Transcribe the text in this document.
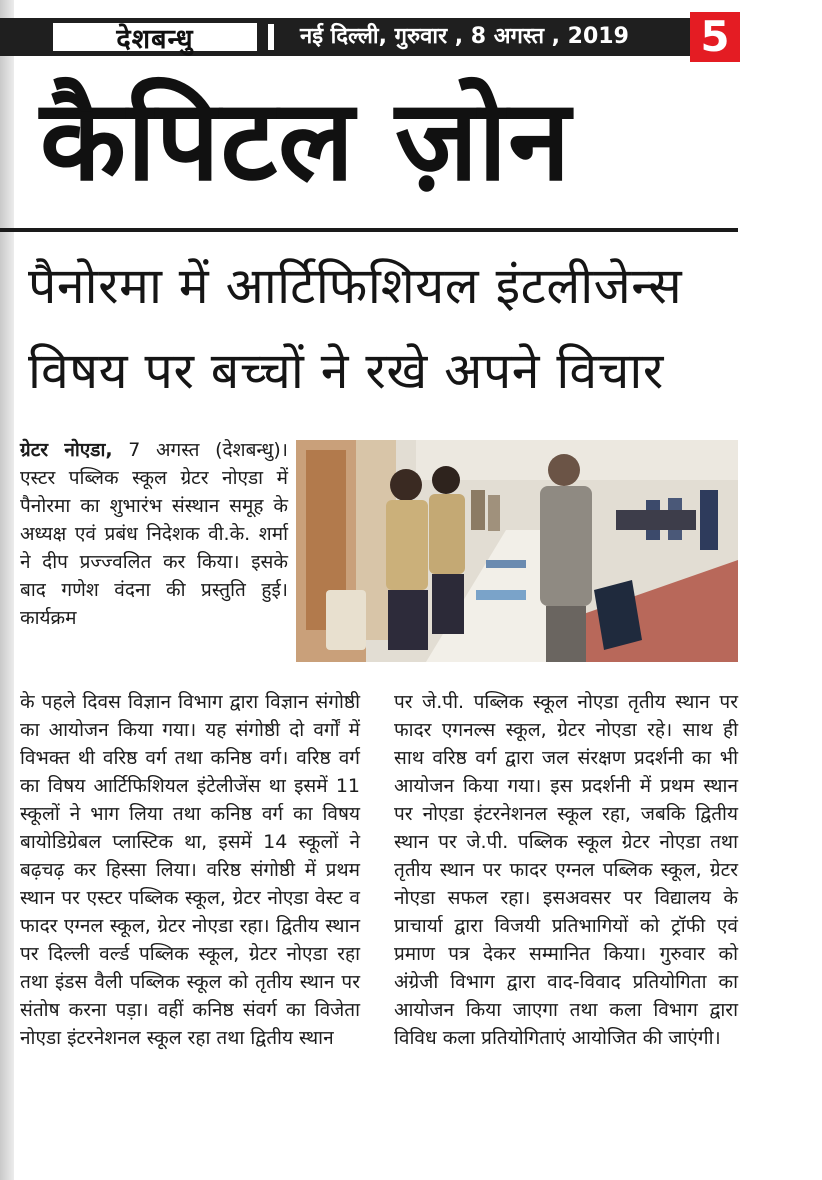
देशबन्धु	नई दिल्ली, गुरुवार , 8 अगस्त , 2019 5
कैपिटल ज़ोन
पैनोरमा में आर्टिफिशियल इंटलीजेन्स
विषय पर बच्चों ने रखे अपने विचार
ग्रेटर नोएडा, 7 अगस्त (देशबन्धु)। एस्टर पब्लिक स्कूल ग्रेटर नोएडा में पैनोरमा का शुभारंभ संस्थान समूह के अध्यक्ष एवं प्रबंध निदेशक वी.के. शर्मा ने दीप प्रज्ज्वलित कर किया। इसके बाद गणेश वंदना की प्रस्तुति हुई। कार्यक्रम
के पहले दिवस विज्ञान विभाग द्वारा विज्ञान संगोष्ठी का आयोजन किया गया। यह संगोष्ठी दो वर्गों में विभक्त थी वरिष्ठ वर्ग तथा कनिष्ठ वर्ग। वरिष्ठ वर्ग का विषय आर्टिफिशियल इंटेलीजेंस था इसमें 11 स्कूलों ने भाग लिया तथा कनिष्ठ वर्ग का विषय बायोडिग्रेबल प्लास्टिक था, इसमें 14 स्कूलों ने बढ़चढ़ कर हिस्सा लिया। वरिष्ठ संगोष्ठी में प्रथम स्थान पर एस्टर पब्लिक स्कूल, ग्रेटर नोएडा वेस्ट व फादर एग्नल स्कूल, ग्रेटर नोएडा रहा। द्वितीय स्थान पर दिल्ली वर्ल्ड पब्लिक स्कूल, ग्रेटर नोएडा रहा तथा इंडस वैली पब्लिक स्कूल को तृतीय स्थान पर संतोष करना पड़ा। वहीं कनिष्ठ संवर्ग का विजेता नोएडा इंटरनेशनल स्कूल रहा तथा द्वितीय स्थान
पर जे.पी. पब्लिक स्कूल नोएडा तृतीय स्थान पर फादर एगनल्स स्कूल, ग्रेटर नोएडा रहे। साथ ही साथ वरिष्ठ वर्ग द्वारा जल संरक्षण प्रदर्शनी का भी आयोजन किया गया। इस प्रदर्शनी में प्रथम स्थान पर नोएडा इंटरनेशनल स्कूल रहा, जबकि द्वितीय स्थान पर जे.पी. पब्लिक स्कूल ग्रेटर नोएडा तथा तृतीय स्थान पर फादर एग्नल पब्लिक स्कूल, ग्रेटर नोएडा सफल रहा। इसअवसर पर विद्यालय के प्राचार्या द्वारा विजयी प्रतिभागियों को ट्रॉफी एवं प्रमाण पत्र देकर सम्मानित किया। गुरुवार को अंग्रेजी विभाग द्वारा वाद-विवाद प्रतियोगिता का आयोजन किया जाएगा तथा कला विभाग द्वारा विविध कला प्रतियोगिताएं आयोजित की जाएंगी।
